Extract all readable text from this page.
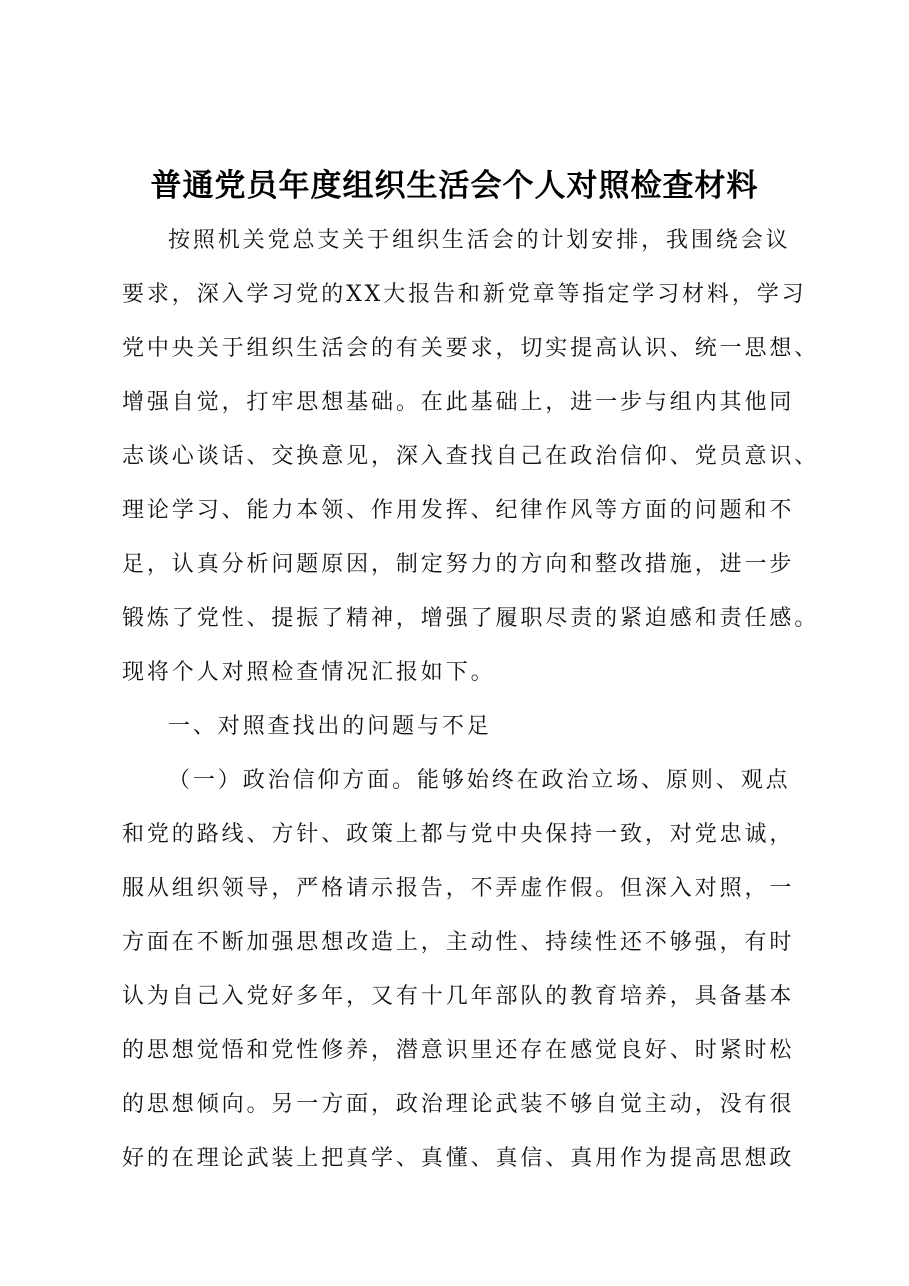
普通党员年度组织生活会个人对照检查材料
按照机关党总支关于组织生活会的计划安排，我围绕会议
要求，深入学习党的XX大报告和新党章等指定学习材料，学习
党中央关于组织生活会的有关要求，切实提高认识、统一思想、
增强自觉，打牢思想基础。在此基础上，进一步与组内其他同
志谈心谈话、交换意见，深入查找自己在政治信仰、党员意识、
理论学习、能力本领、作用发挥、纪律作风等方面的问题和不
足，认真分析问题原因，制定努力的方向和整改措施，进一步
锻炼了党性、提振了精神，增强了履职尽责的紧迫感和责任感。
现将个人对照检查情况汇报如下。
一、对照查找出的问题与不足
（一）政治信仰方面。能够始终在政治立场、原则、观点
和党的路线、方针、政策上都与党中央保持一致，对党忠诚，
服从组织领导，严格请示报告，不弄虚作假。但深入对照，一
方面在不断加强思想改造上，主动性、持续性还不够强，有时
认为自己入党好多年，又有十几年部队的教育培养，具备基本
的思想觉悟和党性修养，潜意识里还存在感觉良好、时紧时松
的思想倾向。另一方面，政治理论武装不够自觉主动，没有很
好的在理论武装上把真学、真懂、真信、真用作为提高思想政
